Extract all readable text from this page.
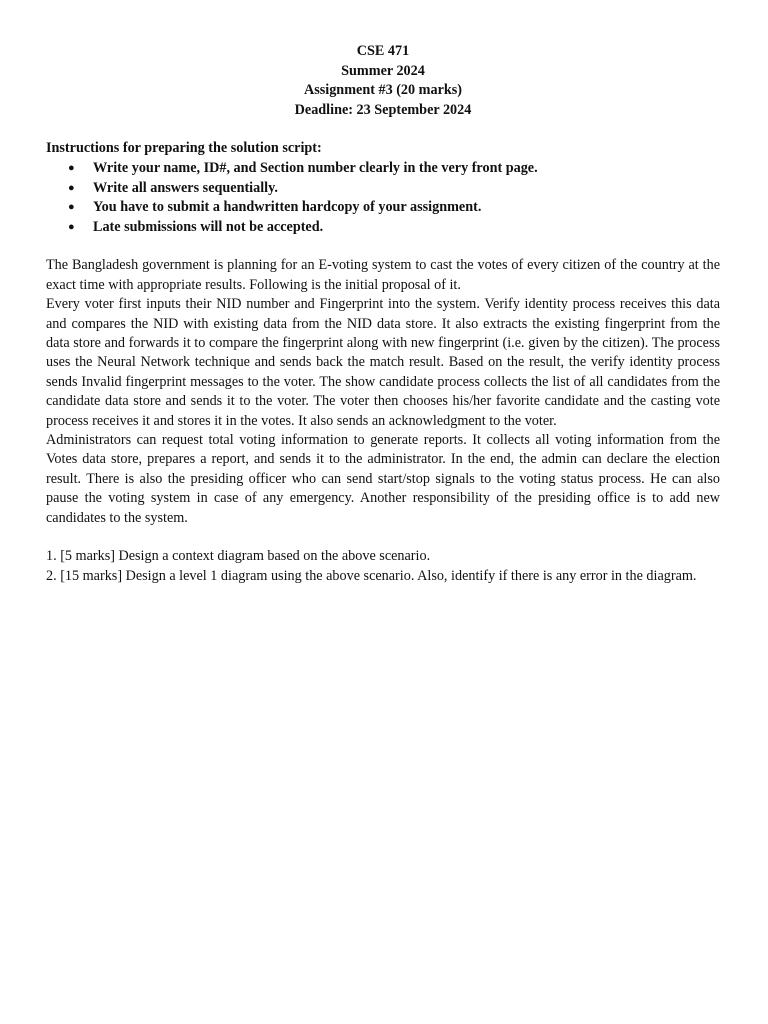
CSE 471
Summer 2024
Assignment #3 (20 marks)
Deadline: 23 September 2024
Instructions for preparing the solution script:
● Write your name, ID#, and Section number clearly in the very front page.
● Write all answers sequentially.
● You have to submit a handwritten hardcopy of your assignment.
● Late submissions will not be accepted.

The Bangladesh government is planning for an E-voting system to cast the votes of every citizen of the country at the exact time with appropriate results. Following is the initial proposal of it.

Every voter first inputs their NID number and Fingerprint into the system. Verify identity process receives this data and compares the NID with existing data from the NID data store. It also extracts the existing fingerprint from the data store and forwards it to compare the fingerprint along with new fingerprint (i.e. given by the citizen). The process uses the Neural Network technique and sends back the match result. Based on the result, the verify identity process sends Invalid fingerprint messages to the voter. The show candidate process collects the list of all candidates from the candidate data store and sends it to the voter. The voter then chooses his/her favorite candidate and the casting vote process receives it and stores it in the votes. It also sends an acknowledgment to the voter.

Administrators can request total voting information to generate reports. It collects all voting information from the Votes data store, prepares a report, and sends it to the administrator. In the end, the admin can declare the election result. There is also the presiding officer who can send start/stop signals to the voting status process. He can also pause the voting system in case of any emergency. Another responsibility of the presiding office is to add new candidates to the system.

1. [5 marks] Design a context diagram based on the above scenario.

2. [15 marks] Design a level 1 diagram using the above scenario. Also, identify if there is any error in the diagram.
